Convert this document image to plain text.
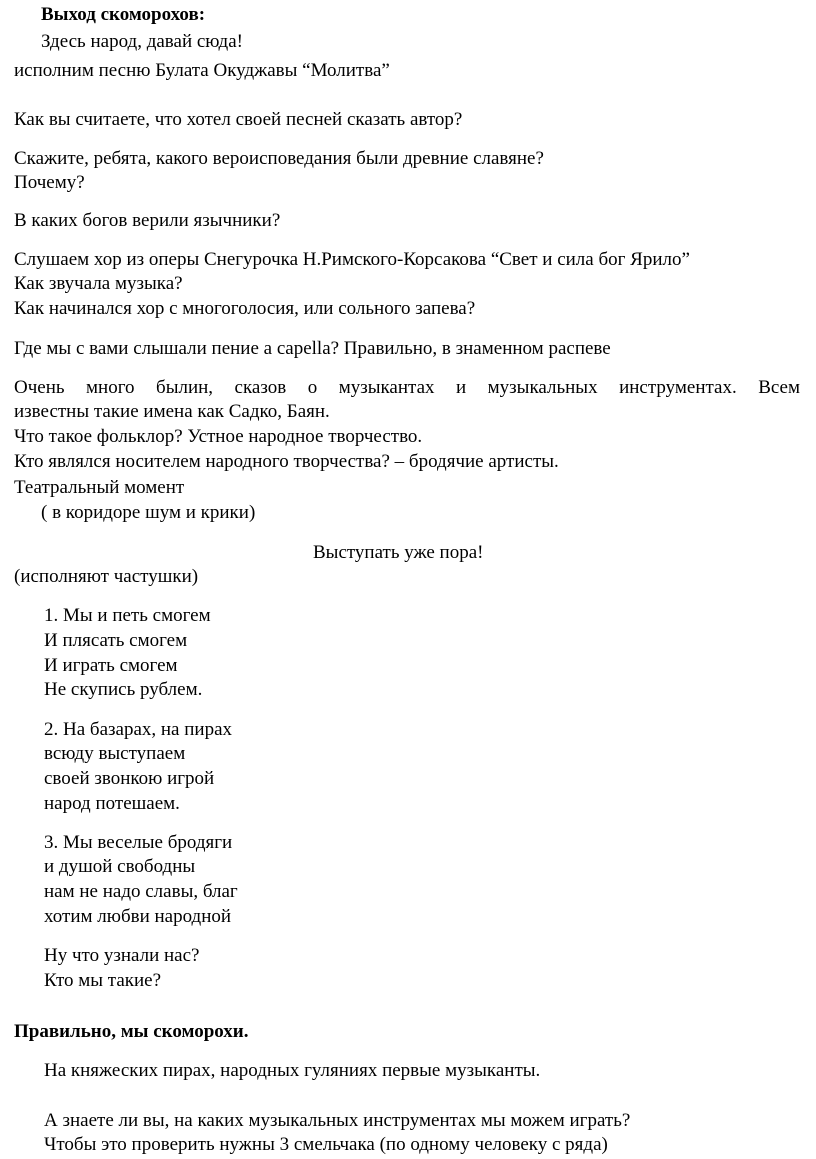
Выход скоморохов:
Здесь народ, давай сюда!
исполним песню Булата Окуджавы “Молитва”
Как вы считаете, что хотел своей песней сказать автор?
Скажите, ребята, какого вероисповедания были древние славяне?
Почему?
В каких богов верили язычники?
Слушаем хор из оперы Снегурочка Н.Римского-Корсакова “Свет и сила бог Ярило”
Как звучала музыка?
Как начинался хор с многоголосия, или сольного запева?
Где мы с вами слышали пение a capella? Правильно, в знаменном распеве
Очень много былин, сказов о музыкантах и музыкальных инструментах. Всем
известны такие имена как Садко, Баян.
Что такое фольклор? Устное народное творчество.
Кто являлся носителем народного творчества? – бродячие артисты.
Театральный момент
( в коридоре шум и крики)
Выступать уже пора!
(исполняют частушки)
1. Мы и петь смогем
И плясать смогем
И играть смогем
Не скупись рублем.
2. На базарах, на пирах
всюду выступаем
своей звонкою игрой
народ потешаем.
3. Мы веселые бродяги
и душой свободны
нам не надо славы, благ
хотим любви народной
Ну что узнали нас?
Кто мы такие?
Правильно, мы скоморохи.
На княжеских пирах, народных гуляниях первые музыканты.
А знаете ли вы, на каких музыкальных инструментах мы можем играть?
Чтобы это проверить нужны 3 смельчака (по одному человеку с ряда)
